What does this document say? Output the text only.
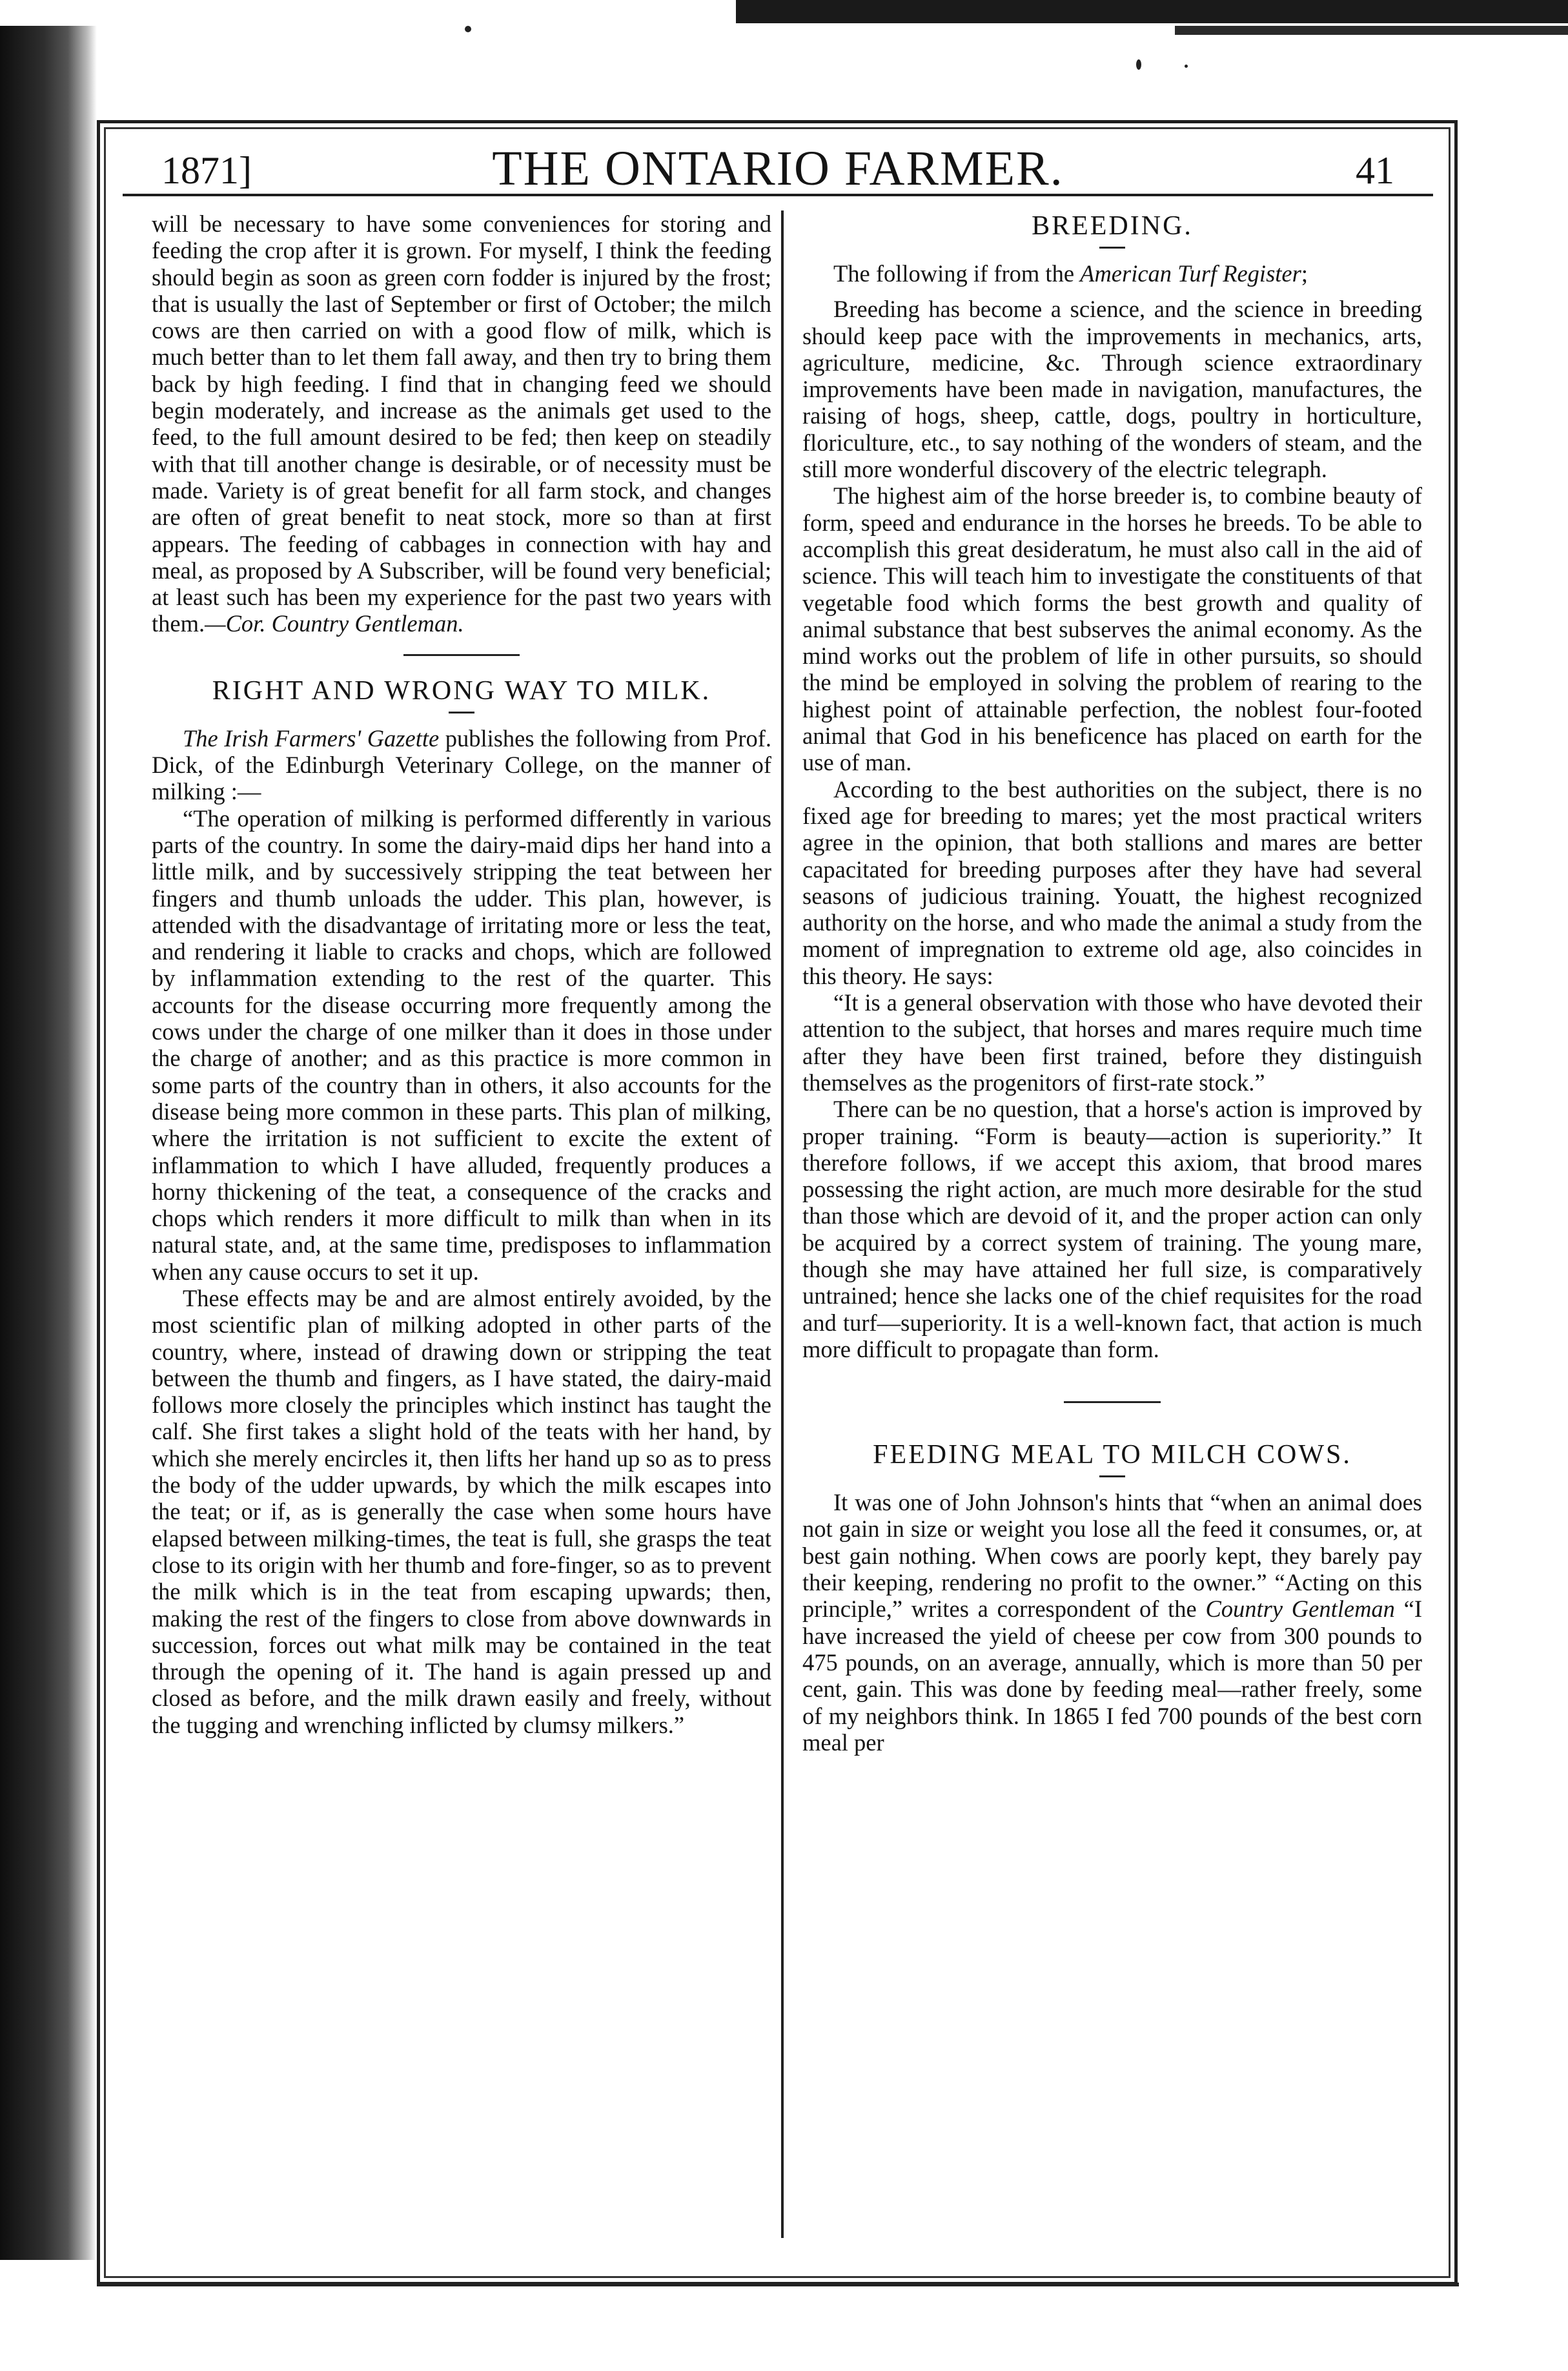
1871]	THE ONTARIO FARMER.	41

will be necessary to have some conveniences for storing and feeding the crop after it is grown. For myself, I think the feeding should begin as soon as green corn fodder is injured by the frost; that is usually the last of September or first of October; the milch cows are then carried on with a good flow of milk, which is much better than to let them fall away, and then try to bring them back by high feeding. I find that in changing feed we should begin moderately, and increase as the animals get used to the feed, to the full amount desired to be fed; then keep on steadily with that till another change is desirable, or of necessity must be made. Variety is of great benefit for all farm stock, and changes are often of great benefit to neat stock, more so than at first appears. The feeding of cabbages in connection with hay and meal, as proposed by A Subscriber, will be found very beneficial; at least such has been my experience for the past two years with them.—Cor. Country Gentleman.

RIGHT AND WRONG WAY TO MILK.

The Irish Farmers' Gazette publishes the following from Prof. Dick, of the Edinburgh Veterinary College, on the manner of milking :—

“The operation of milking is performed differently in various parts of the country. In some the dairy-maid dips her hand into a little milk, and by successively stripping the teat between her fingers and thumb unloads the udder. This plan, however, is attended with the disadvantage of irritating more or less the teat, and rendering it liable to cracks and chops, which are followed by inflammation extending to the rest of the quarter. This accounts for the disease occurring more frequently among the cows under the charge of one milker than it does in those under the charge of another; and as this practice is more common in some parts of the country than in others, it also accounts for the disease being more common in these parts. This plan of milking, where the irritation is not sufficient to excite the extent of inflammation to which I have alluded, frequently produces a horny thickening of the teat, a consequence of the cracks and chops which renders it more difficult to milk than when in its natural state, and, at the same time, predisposes to inflammation when any cause occurs to set it up.

These effects may be and are almost entirely avoided, by the most scientific plan of milking adopted in other parts of the country, where, instead of drawing down or stripping the teat between the thumb and fingers, as I have stated, the dairy-maid follows more closely the principles which instinct has taught the calf. She first takes a slight hold of the teats with her hand, by which she merely encircles it, then lifts her hand up so as to press the body of the udder upwards, by which the milk escapes into the teat; or if, as is generally the case when some hours have elapsed between milking-times, the teat is full, she grasps the teat close to its origin with her thumb and fore-finger, so as to prevent the milk which is in the teat from escaping upwards; then, making the rest of the fingers to close from above downwards in succession, forces out what milk may be contained in the teat through the opening of it. The hand is again pressed up and closed as before, and the milk drawn easily and freely, without the tugging and wrenching inflicted by clumsy milkers.”

BREEDING.

The following if from the American Turf Register;

Breeding has become a science, and the science in breeding should keep pace with the improvements in mechanics, arts, agriculture, medicine, &c. Through science extraordinary improvements have been made in navigation, manufactures, the raising of hogs, sheep, cattle, dogs, poultry in horticulture, floriculture, etc., to say nothing of the wonders of steam, and the still more wonderful discovery of the electric telegraph.

The highest aim of the horse breeder is, to combine beauty of form, speed and endurance in the horses he breeds. To be able to accomplish this great desideratum, he must also call in the aid of science. This will teach him to investigate the constituents of that vegetable food which forms the best growth and quality of animal substance that best subserves the animal economy. As the mind works out the problem of life in other pursuits, so should the mind be employed in solving the problem of rearing to the highest point of attainable perfection, the noblest four-footed animal that God in his beneficence has placed on earth for the use of man.

According to the best authorities on the subject, there is no fixed age for breeding to mares; yet the most practical writers agree in the opinion, that both stallions and mares are better capacitated for breeding purposes after they have had several seasons of judicious training. Youatt, the highest recognized authority on the horse, and who made the animal a study from the moment of impregnation to extreme old age, also coincides in this theory. He says:

“It is a general observation with those who have devoted their attention to the subject, that horses and mares require much time after they have been first trained, before they distinguish themselves as the progenitors of first-rate stock.”

There can be no question, that a horse's action is improved by proper training. “Form is beauty—action is superiority.” It therefore follows, if we accept this axiom, that brood mares possessing the right action, are much more desirable for the stud than those which are devoid of it, and the proper action can only be acquired by a correct system of training. The young mare, though she may have attained her full size, is comparatively untrained; hence she lacks one of the chief requisites for the road and turf—superiority. It is a well-known fact, that action is much more difficult to propagate than form.

FEEDING MEAL TO MILCH COWS.

It was one of John Johnson's hints that “when an animal does not gain in size or weight you lose all the feed it consumes, or, at best gain nothing. When cows are poorly kept, they barely pay their keeping, rendering no profit to the owner.” “Acting on this principle,” writes a correspondent of the Country Gentleman “I have increased the yield of cheese per cow from 300 pounds to 475 pounds, on an average, annually, which is more than 50 per cent, gain. This was done by feeding meal—rather freely, some of my neighbors think. In 1865 I fed 700 pounds of the best corn meal per
